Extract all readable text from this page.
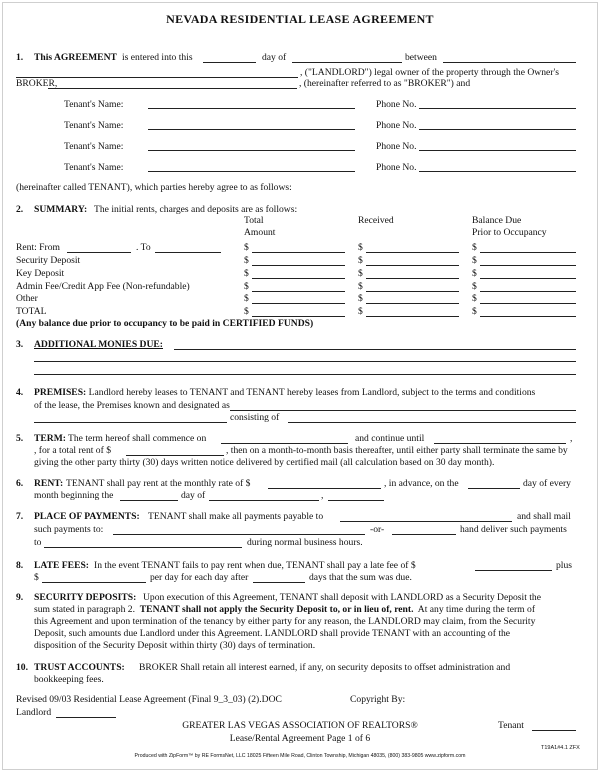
NEVADA RESIDENTIAL LEASE AGREEMENT
1. This AGREEMENT is entered into this	day of	between
, ("LANDLORD") legal owner of the property through the Owner's
BROKER,	, (hereinafter referred to as "BROKER") and
Tenant's Name:	Phone No.
Tenant's Name:	Phone No.
Tenant's Name:	Phone No.
Tenant's Name:	Phone No.
(hereinafter called TENANT), which parties hereby agree to as follows:
2. SUMMARY: The initial rents, charges and deposits are as follows:
Total
Amount
Received	Balance Due
Prior to Occupancy
Rent: From	. To	$	$	$
Security Deposit	$	$	$
Key Deposit	$	$	$
Admin Fee/Credit App Fee (Non-refundable)	$	$	$
Other	$	$	$
TOTAL	$	$	$
(Any balance due prior to occupancy to be paid in CERTIFIED FUNDS)
3. ADDITIONAL MONIES DUE:
4. PREMISES: Landlord hereby leases to TENANT and TENANT hereby leases from Landlord, subject to the terms and conditions
of the lease, the Premises known and designated as
consisting of
5. TERM: The term hereof shall commence on	and continue until	,
, for a total rent of $	, then on a month-to-month basis thereafter, until either party shall terminate the same by
giving the other party thirty (30) days written notice delivered by certified mail (all calculation based on 30 day month).
6. RENT: TENANT shall pay rent at the monthly rate of $	, in advance, on the	day of every
month beginning the	day of	,
7. PLACE OF PAYMENTS: TENANT shall make all payments payable to	and shall mail
such payments to:	-or-	hand deliver such payments
to	during normal business hours.
8. LATE FEES: In the event TENANT fails to pay rent when due, TENANT shall pay a late fee of $	plus
$	per day for each day after	days that the sum was due.
9. SECURITY DEPOSITS: Upon execution of this Agreement, TENANT shall deposit with LANDLORD as a Security Deposit the
sum stated in paragraph 2. TENANT shall not apply the Security Deposit to, or in lieu of, rent. At any time during the term of
this Agreement and upon termination of the tenancy by either party for any reason, the LANDLORD may claim, from the Security
Deposit, such amounts due Landlord under this Agreement. LANDLORD shall provide TENANT with an accounting of the
disposition of the Security Deposit within thirty (30) days of termination.
10. TRUST ACCOUNTS: BROKER Shall retain all interest earned, if any, on security deposits to offset administration and
bookkeeping fees.
Revised 09/03 Residential Lease Agreement (Final 9_3_03) (2).DOC	Copyright By:
Landlord
GREATER LAS VEGAS ASSOCIATION OF REALTORS®	Tenant
Lease/Rental Agreement Page 1 of 6
T19A1#4.1 ZFX
Produced with ZipForm™ by RE FormsNet, LLC 18025 Fifteen Mile Road, Clinton Township, Michigan 48035, (800) 383-9805 www.zipform.com
